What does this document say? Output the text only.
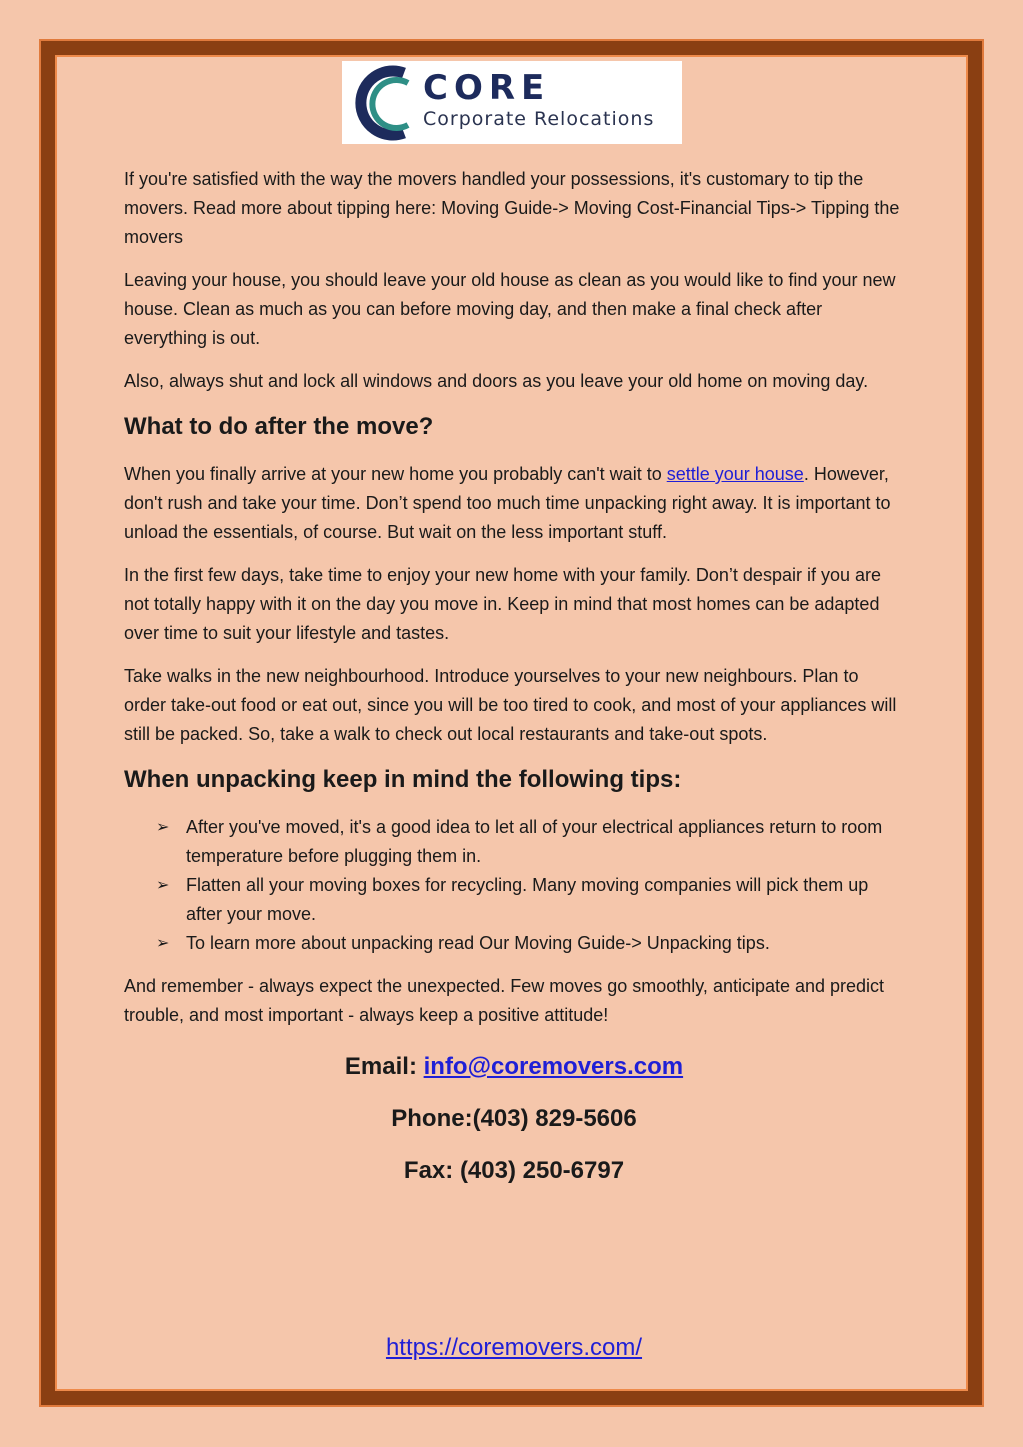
CORE
Corporate Relocations

If you're satisfied with the way the movers handled your possessions, it's customary to tip the movers. Read more about tipping here: Moving Guide-> Moving Cost-Financial Tips-> Tipping the movers

Leaving your house, you should leave your old house as clean as you would like to find your new house. Clean as much as you can before moving day, and then make a final check after everything is out.

Also, always shut and lock all windows and doors as you leave your old home on moving day.

What to do after the move?

When you finally arrive at your new home you probably can't wait to settle your house. However, don't rush and take your time. Don’t spend too much time unpacking right away. It is important to unload the essentials, of course. But wait on the less important stuff.

In the first few days, take time to enjoy your new home with your family. Don’t despair if you are not totally happy with it on the day you move in. Keep in mind that most homes can be adapted over time to suit your lifestyle and tastes.

Take walks in the new neighbourhood. Introduce yourselves to your new neighbours. Plan to order take-out food or eat out, since you will be too tired to cook, and most of your appliances will still be packed. So, take a walk to check out local restaurants and take-out spots.

When unpacking keep in mind the following tips:
➢ After you've moved, it's a good idea to let all of your electrical appliances return to room temperature before plugging them in.
➢ Flatten all your moving boxes for recycling. Many moving companies will pick them up after your move.
➢ To learn more about unpacking read Our Moving Guide-> Unpacking tips.

And remember - always expect the unexpected. Few moves go smoothly, anticipate and predict trouble, and most important - always keep a positive attitude!

Email: info@coremovers.com
Phone:(403) 829-5606
Fax: (403) 250-6797
https://coremovers.com/
